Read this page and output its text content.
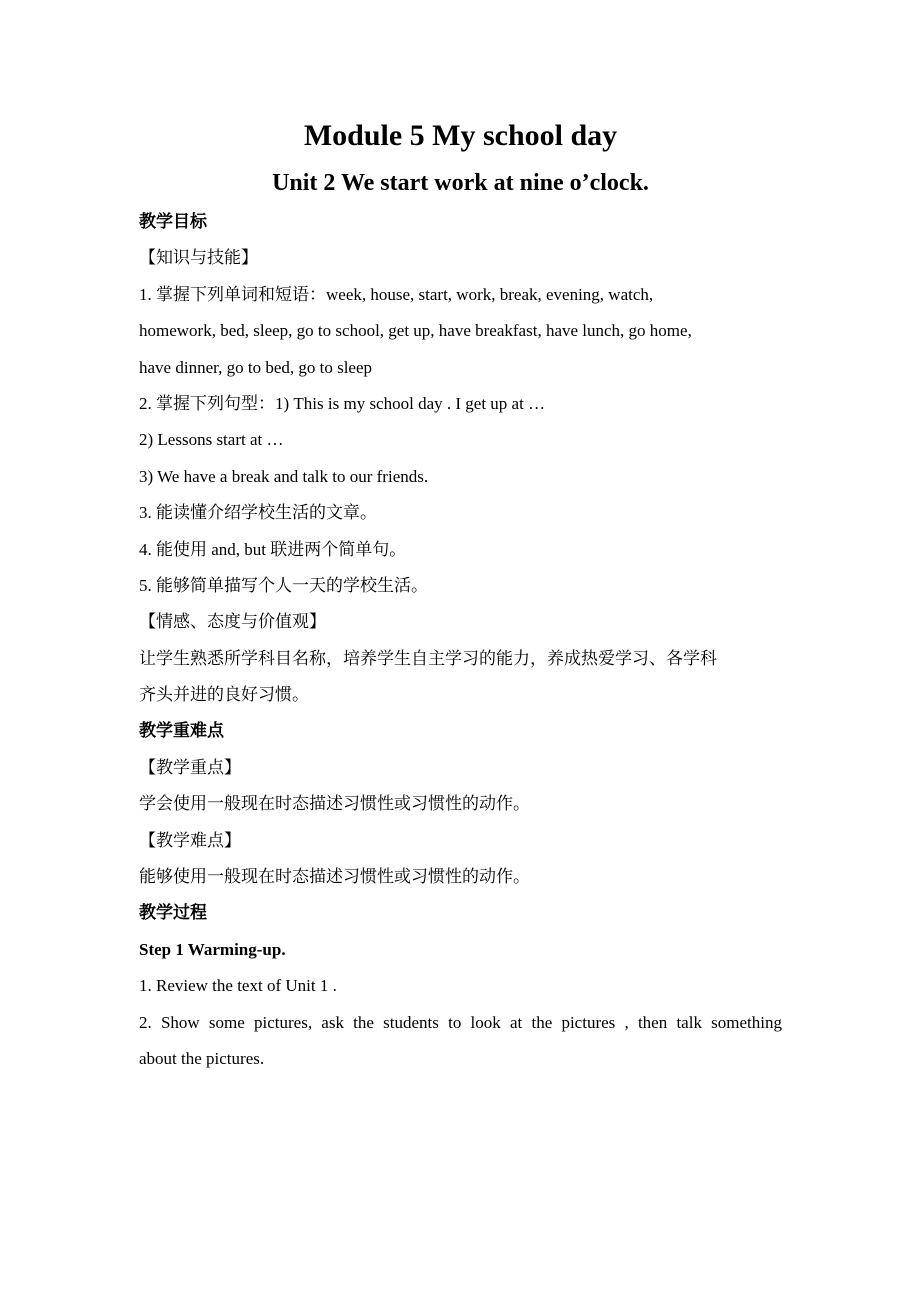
Module 5 My school day
Unit 2 We start work at nine o’clock.

教学目标

【知识与技能】

1. 掌握下列单词和短语：week, house, start, work, break, evening, watch,

homework, bed, sleep, go to school, get up, have breakfast, have lunch, go home,

have dinner, go to bed, go to sleep

2. 掌握下列句型：1) This is my school day . I get up at …

2) Lessons start at …

3) We have a break and talk to our friends.

3. 能读懂介绍学校生活的文章。

4. 能使用 and, but 联进两个简单句。

5. 能够简单描写个人一天的学校生活。

【情感、态度与价值观】

让学生熟悉所学科目名称，培养学生自主学习的能力，养成热爱学习、各学科

齐头并进的良好习惯。

教学重难点

【教学重点】

学会使用一般现在时态描述习惯性或习惯性的动作。

【教学难点】

能够使用一般现在时态描述习惯性或习惯性的动作。

教学过程

Step 1 Warming-up.

1. Review the text of Unit 1 .

2. Show some pictures, ask the students to look at the pictures , then talk something

about the pictures.
